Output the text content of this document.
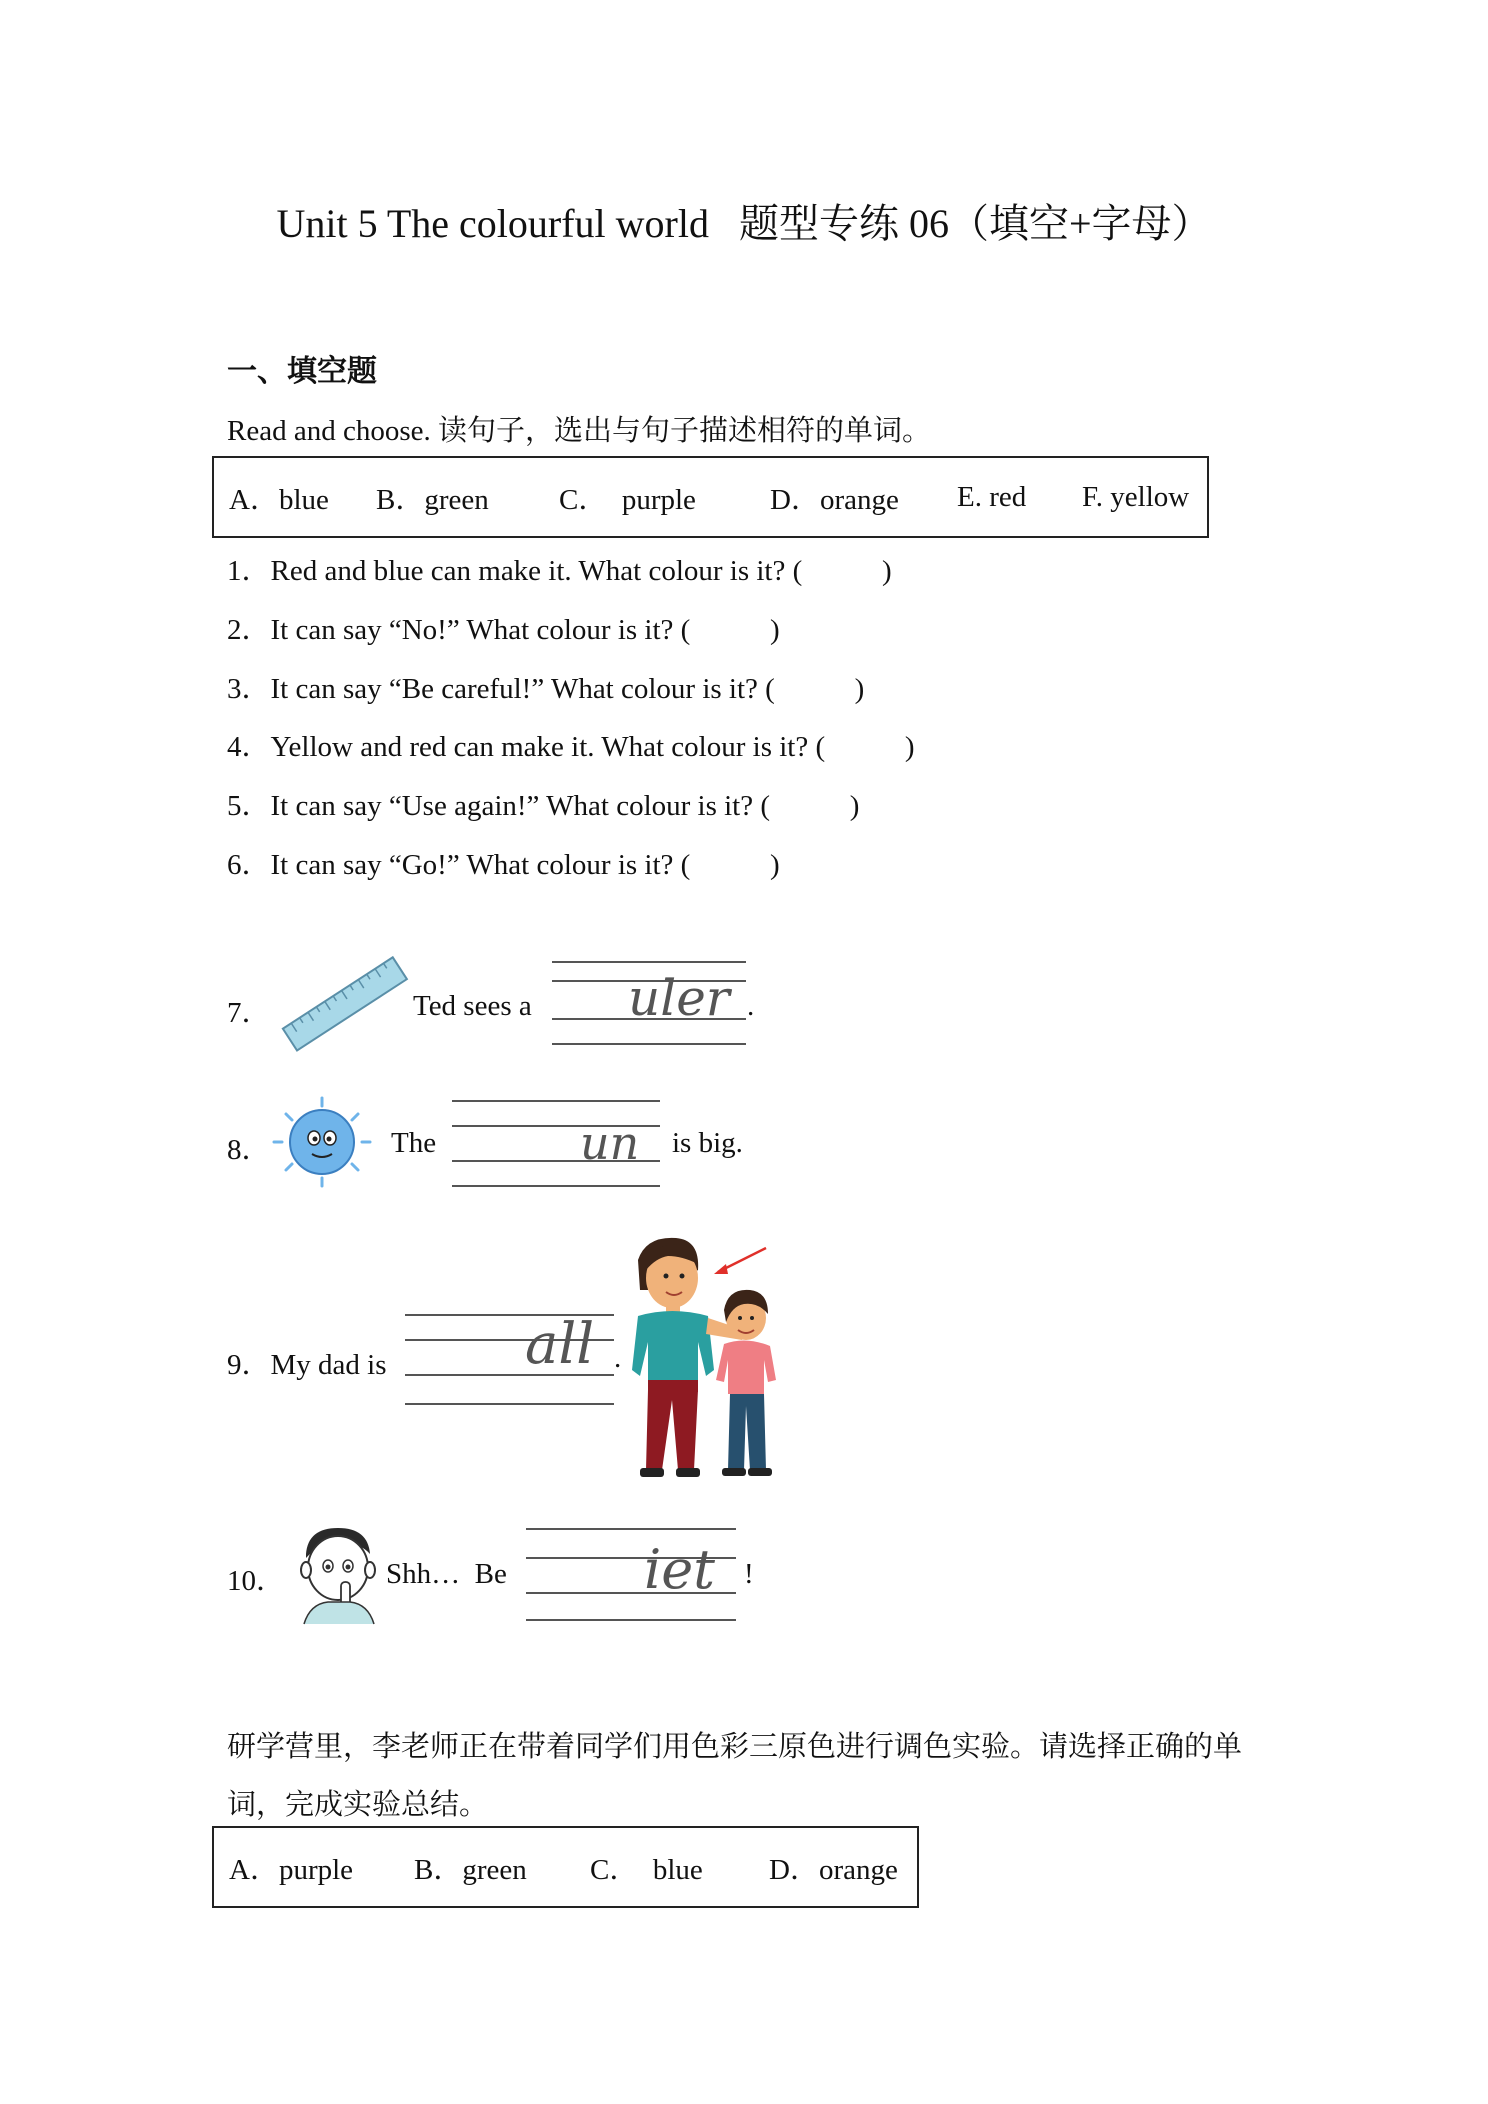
Unit 5 The colourful world   题型专练 06（填空+字母）
一、填空题
Read and choose. 读句子，选出与句子描述相符的单词。
A．blue B．green C．  purple	D．orange E. red F. yellow
1．Red and blue can make it. What colour is it? (           )
2．It can say “No!” What colour is it? (           )
3．It can say “Be careful!” What colour is it? (           )
4．Yellow and red can make it. What colour is it? (           )
5．It can say “Use again!” What colour is it? (           )
6．It can say “Go!” What colour is it? (           )
7．	Ted sees a uler .
8．	The	un is big.
9．My dad is all .
10．	Shh…  Be	iet !
研学营里，李老师正在带着同学们用色彩三原色进行调色实验。请选择正确的单
词，完成实验总结。
A．purple B．green C．  blue D．orange
